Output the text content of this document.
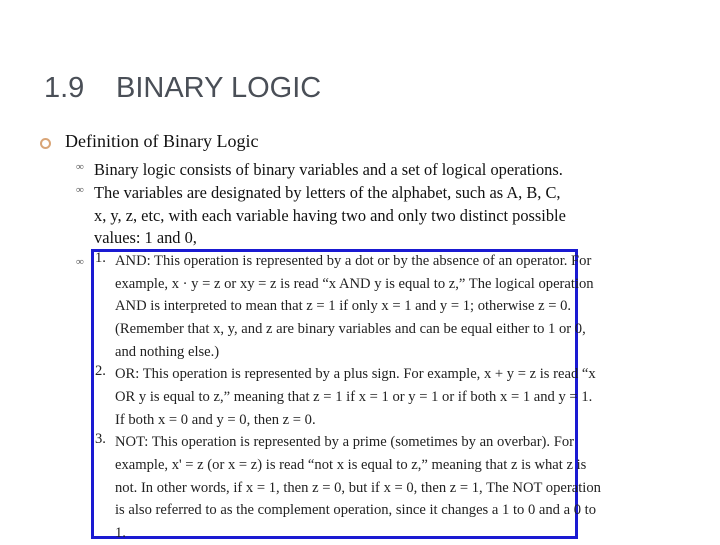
1.9 BINARY LOGIC
Definition of Binary Logic
∞ Binary logic consists of binary variables and a set of logical operations.
∞ The variables are designated by letters of the alphabet, such as A, B, C,
x, y, z, etc, with each variable having two and only two distinct possible
values: 1 and 0,
∞ 1. AND: This operation is represented by a dot or by the absence of an operator. For
example, x · y = z or xy = z is read “x AND y is equal to z,” The logical operation
AND is interpreted to mean that z = 1 if only x = 1 and y = 1; otherwise z = 0.
(Remember that x, y, and z are binary variables and can be equal either to 1 or 0,
and nothing else.)
2. OR: This operation is represented by a plus sign. For example, x + y = z is read “x
OR y is equal to z,” meaning that z = 1 if x = 1 or y = 1 or if both x = 1 and y = 1.
If both x = 0 and y = 0, then z = 0.
3. NOT: This operation is represented by a prime (sometimes by an overbar). For
example, x' = z (or x = z) is read “not x is equal to z,” meaning that z is what z is
not. In other words, if x = 1, then z = 0, but if x = 0, then z = 1, The NOT operation
is also referred to as the complement operation, since it changes a 1 to 0 and a 0 to
1.
